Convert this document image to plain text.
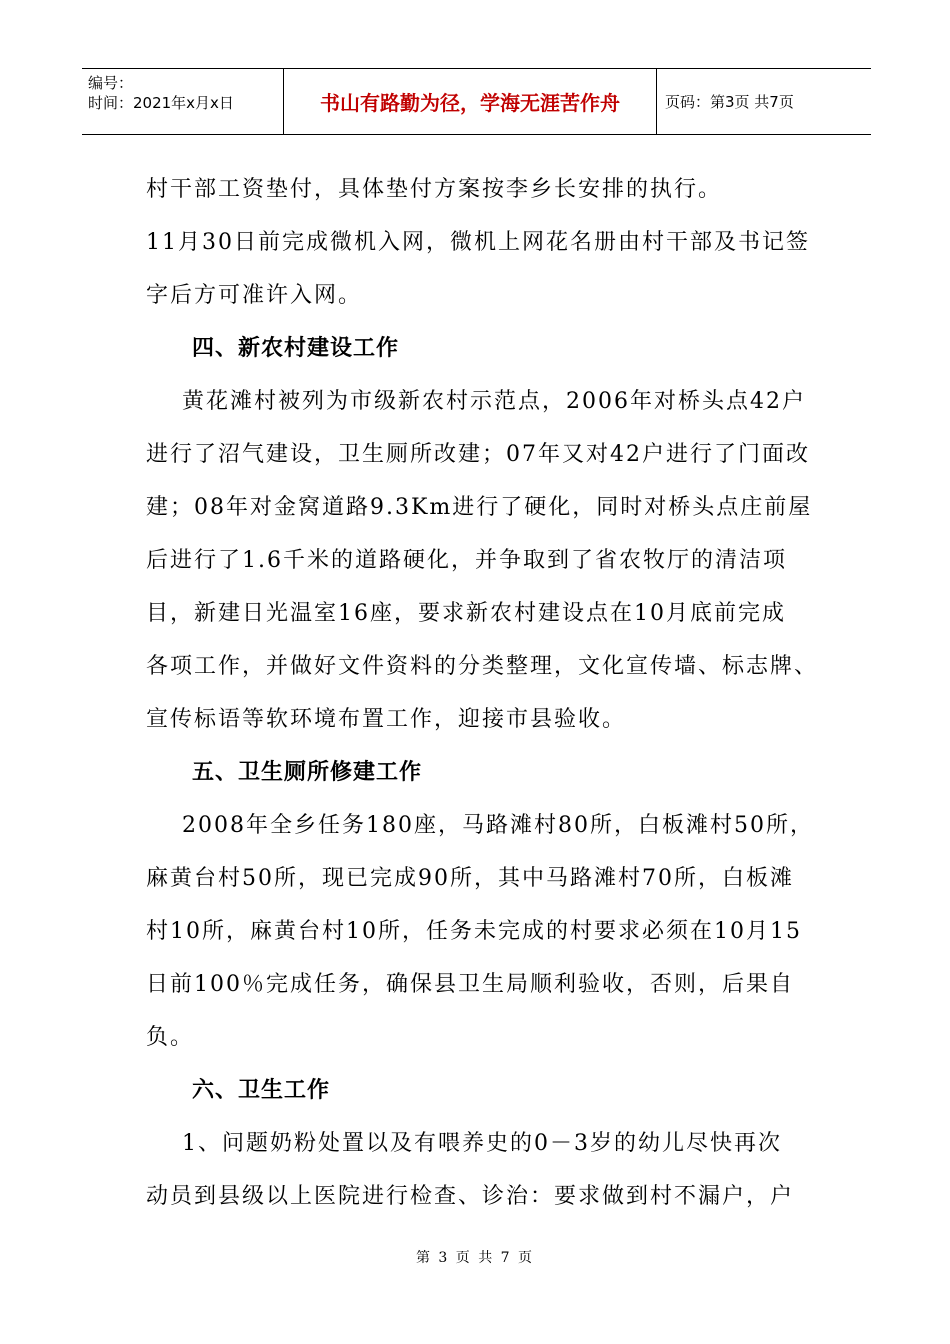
编号：
时间：2021年x月x日	书山有路勤为径，学海无涯苦作舟	页码：第3页 共7页

村干部工资垫付，具体垫付方案按李乡长安排的执行。

11月30日前完成微机入网，微机上网花名册由村干部及书记签

字后方可准许入网。

四、新农村建设工作

黄花滩村被列为市级新农村示范点，2006年对桥头点42户

进行了沼气建设，卫生厕所改建；07年又对42户进行了门面改

建；08年对金窝道路9.3Km进行了硬化，同时对桥头点庄前屋

后进行了1.6千米的道路硬化，并争取到了省农牧厅的清洁项

目，新建日光温室16座，要求新农村建设点在10月底前完成

各项工作，并做好文件资料的分类整理，文化宣传墙、标志牌、

宣传标语等软环境布置工作，迎接市县验收。

五、卫生厕所修建工作

2008年全乡任务180座，马路滩村80所，白板滩村50所，

麻黄台村50所，现已完成90所，其中马路滩村70所，白板滩

村10所，麻黄台村10所，任务未完成的村要求必须在10月15

日前100％完成任务，确保县卫生局顺利验收，否则，后果自

负。

六、卫生工作

1、问题奶粉处置以及有喂养史的0－3岁的幼儿尽快再次

动员到县级以上医院进行检查、诊治：要求做到村不漏户，户

第 3 页 共 7 页
